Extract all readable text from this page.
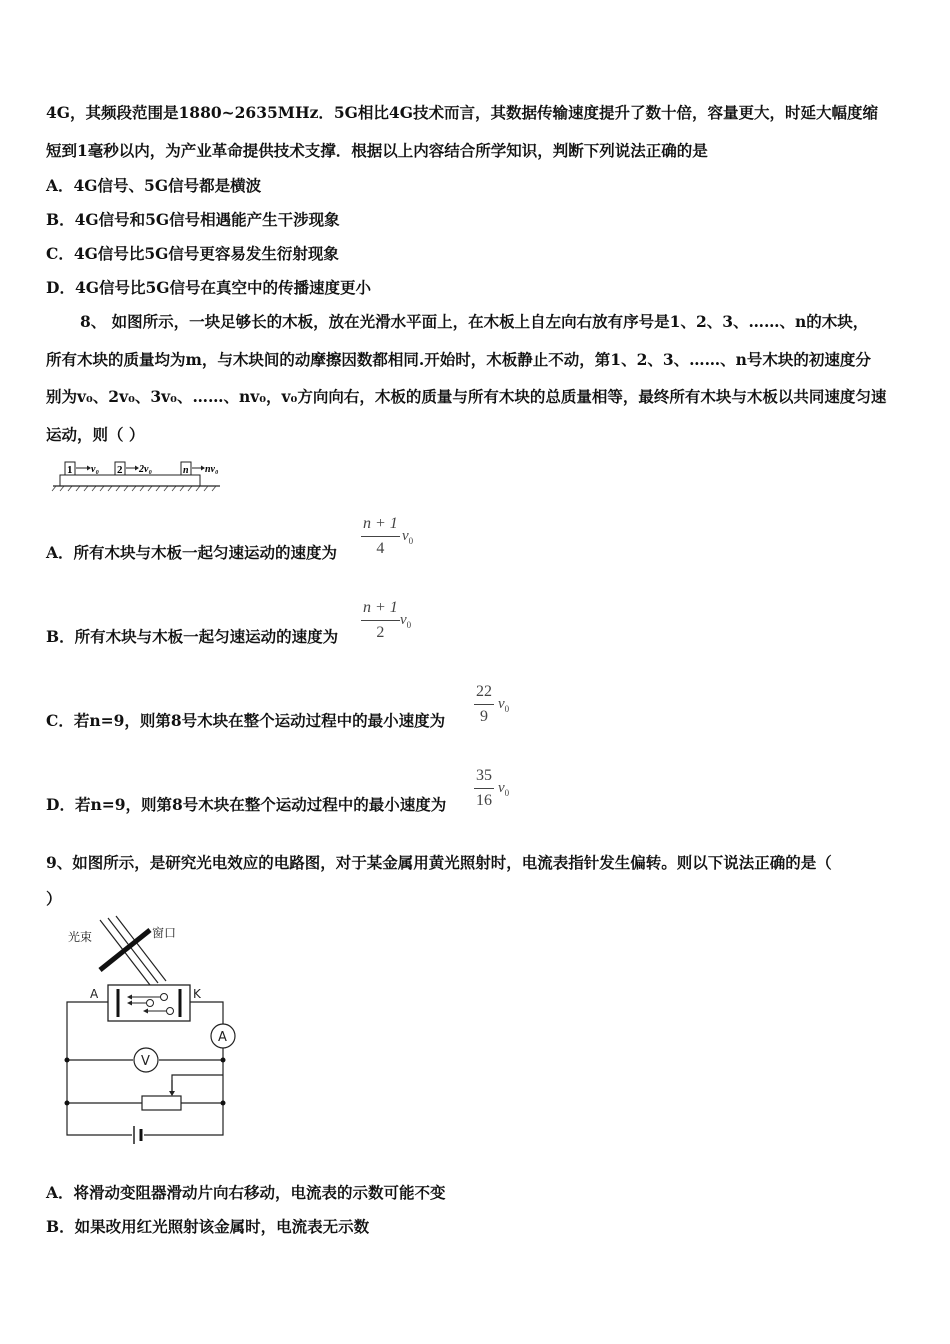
4G，其频段范围是1880~2635MHz．5G相比4G技术而言，其数据传输速度提升了数十倍，容量更大，时延大幅度缩
短到1毫秒以内，为产业革命提供技术支撑．根据以上内容结合所学知识，判断下列说法正确的是
A．4G信号、5G信号都是横波
B．4G信号和5G信号相遇能产生干涉现象
C．4G信号比5G信号更容易发生衍射现象
D．4G信号比5G信号在真空中的传播速度更小
8、 如图所示，一块足够长的木板，放在光滑水平面上，在木板上自左向右放有序号是1、2、3、……、n的木块，
所有木块的质量均为m，与木块间的动摩擦因数都相同.开始时，木板静止不动，第1、2、3、……、n号木块的初速度分
别为v₀、2v₀、3v₀、……、nv₀，v₀方向向右，木板的质量与所有木块的总质量相等，最终所有木块与木板以共同速度匀速
运动，则（ ）
1 v₀ 2 2v₀	n nv₀
A．所有木块与木板一起匀速运动的速度为
n + 1
4
$v_0$
B．所有木块与木板一起匀速运动的速度为
n + 1
2
$v_0$
C．若n=9，则第8号木块在整个运动过程中的最小速度为
22
9
$v_0$
D．若n=9，则第8号木块在整个运动过程中的最小速度为
35
16
$v_0$
9、如图所示，是研究光电效应的电路图，对于某金属用黄光照射时，电流表指针发生偏转。则以下说法正确的是（
）
光束	窗口
A	K
A
V
A．将滑动变阻器滑动片向右移动，电流表的示数可能不变
B．如果改用红光照射该金属时，电流表无示数
